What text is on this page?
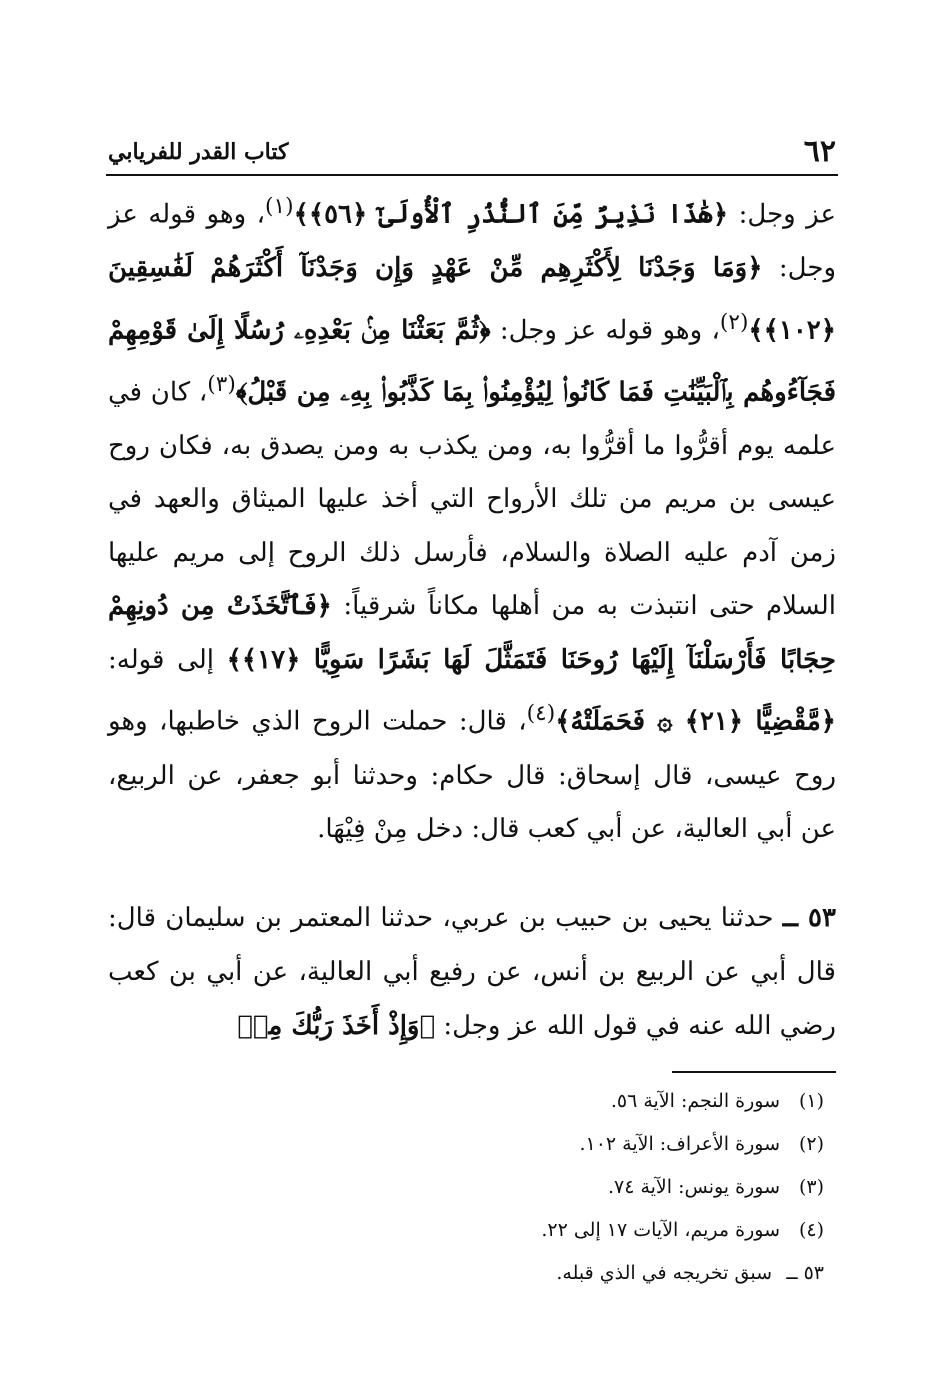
٦٢
كتاب القدر للفريابي

عز وجل: ﴿هَٰذَا نَذِيرٌ مِّنَ ٱلنُّذُرِ ٱلْأُولَىٰٓ ﴿٥٦﴾﴾$^{(١)}$، وهو قوله عز وجل: ﴿وَمَا وَجَدْنَا لِأَكْثَرِهِم مِّنْ عَهْدٍ وَإِن وَجَدْنَآ أَكْثَرَهُمْ لَفَٰسِقِينَ ﴿١٠٢﴾﴾$^{(٢)}$، وهو قوله عز وجل: ﴿ثُمَّ بَعَثْنَا مِنۢ بَعْدِهِۦ رُسُلًا إِلَىٰ قَوْمِهِمْ فَجَآءُوهُم بِٱلْبَيِّنَٰتِ فَمَا كَانُوا۟ لِيُؤْمِنُوا۟ بِمَا كَذَّبُوا۟ بِهِۦ مِن قَبْلُ﴾$^{(٣)}$، كان في علمه يوم أقرُّوا ما أقرُّوا به، ومن يكذب به ومن يصدق به، فكان روح عيسى بن مريم من تلك الأرواح التي أخذ عليها الميثاق والعهد في زمن آدم عليه الصلاة والسلام، فأرسل ذلك الروح إلى مريم عليها السلام حتى انتبذت به من أهلها مكاناً شرقياً: ﴿فَٱتَّخَذَتْ مِن دُونِهِمْ حِجَابًا فَأَرْسَلْنَآ إِلَيْهَا رُوحَنَا فَتَمَثَّلَ لَهَا بَشَرًا سَوِيًّا ﴿١٧﴾﴾ إلى قوله: ﴿مَّقْضِيًّا ﴿٢١﴾ ۞ فَحَمَلَتْهُ﴾$^{(٤)}$، قال: حملت الروح الذي خاطبها، وهو روح عيسى، قال إسحاق: قال حكام: وحدثنا أبو جعفر، عن الربيع، عن أبي العالية، عن أبي كعب قال: دخل مِنْ فِيْهَا.

٥٣ ــ حدثنا يحيى بن حبيب بن عربي، حدثنا المعتمر بن سليمان قال: قال أبي عن الربيع بن أنس، عن رفيع أبي العالية، عن أبي بن كعب رضي الله عنه في قول الله عز وجل: ﴿وَإِذْ أَخَذَ رَبُّكَ مِنۢ
(١)
سورة النجم: الآية ٥٦.
(٢)
سورة الأعراف: الآية ١٠٢.
(٣)
سورة يونس: الآية ٧٤.
(٤)
سورة مريم، الآيات ١٧ إلى ٢٢.
٥٣ ــ
سبق تخريجه في الذي قبله.
